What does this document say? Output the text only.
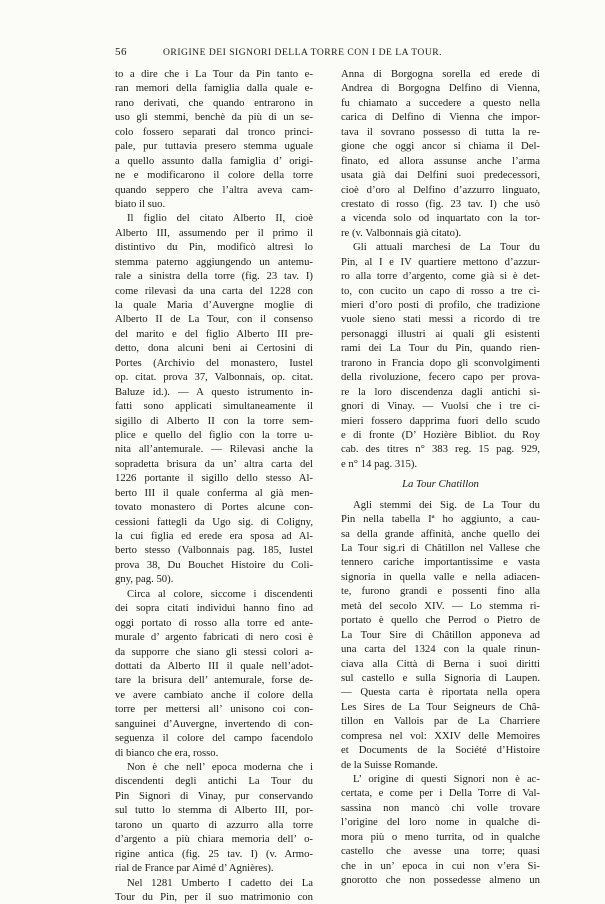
56	ORIGINE DEI SIGNORI DELLA TORRE CON I DE LA TOUR.
to a dire che i La Tour da Pin tanto e-
ran memori della famiglia dalla quale e-
rano derivati, che quando entrarono in
uso gli stemmi, benchè da più di un se-
colo fossero separati dal tronco princi-
pale, pur tuttavia presero stemma uguale
a quello assunto dalla famiglia d’ origi-
ne e modificarono il colore della torre
quando seppero che l’altra aveva cam-
biato il suo.
Il figlio del citato Alberto II, cioè
Alberto III, assumendo per il primo il
distintivo du Pin, modificò altresì lo
stemma paterno aggiungendo un antemu-
rale a sinistra della torre (fig. 23 tav. I)
come rilevasi da una carta del 1228 con
la quale Maria d’Auvergne moglie di
Alberto II de La Tour, con il consenso
del marito e del figlio Alberto III pre-
detto, dona alcuni beni ai Certosini di
Portes (Archivio del monastero, Iustel
op. citat. prova 37, Valbonnais, op. citat.
Baluze id.). — A questo istrumento in-
fatti sono applicati simultaneamente il
sigillo di Alberto II con la torre sem-
plice e quello del figlio con la torre u-
nita all’antemurale. — Rilevasi anche la
sopradetta brisura da un’ altra carta del
1226 portante il sigillo dello stesso Al-
berto III il quale conferma al già men-
tovato monastero di Portes alcune con-
cessioni fattegli da Ugo sig. di Coligny,
la cui figlia ed erede era sposa ad Al-
berto stesso (Valbonnais pag. 185, Iustel
prova 38, Du Bouchet Histoire du Coli-
gny, pag. 50).
Circa al colore, siccome i discendenti
dei sopra citati individui hanno fino ad
oggi portato di rosso alla torre ed ante-
murale d’ argento fabricati di nero così è
da supporre che siano gli stessi colori a-
dottati da Alberto III il quale nell’adot-
tare la brisura dell’ antemurale, forse de-
ve avere cambiato anche il colore della
torre per mettersi all’ unisono coi con-
sanguinei d’Auvergne, invertendo di con-
seguenza il colore del campo facendolo
di bianco che era, rosso.
Non è che nell’ epoca moderna che i
discendenti degli antichi La Tour du
Pin Signori di Vinay, pur conservando
sul tutto lo stemma di Alberto III, por-
tarono un quarto di azzurro alla torre
d’argento a più chiara memoria dell’ o-
rigine antica (fig. 25 tav. I) (v. Armo-
rial de France par Aimé d’ Agnières).
Nel 1281 Umberto I cadetto dei La
Tour du Pin, per il suo matrimonio con
Anna di Borgogna sorella ed erede di
Andrea di Borgogna Delfino di Vienna,
fu chiamato a succedere a questo nella
carica di Delfino di Vienna che impor-
tava il sovrano possesso di tutta la re-
gione che oggi ancor si chiama il Del-
finato, ed allora assunse anche l’arma
usata già dai Delfini suoi predecessori,
cioè d’oro al Delfino d’azzurro linguato,
crestato di rosso (fig. 23 tav. I) che usò
a vicenda solo od inquartato con la tor-
re (v. Valbonnais già citato).
Gli attuali marchesi de La Tour du
Pin, al I e IV quartiere mettono d’azzur-
ro alla torre d’argento, come già si è det-
to, con cucito un capo di rosso a tre ci-
mieri d’oro posti di profilo, che tradizione
vuole sieno stati messi a ricordo di tre
personaggi illustri ai quali gli esistenti
rami dei La Tour du Pin, quando rien-
trarono in Francia dopo gli sconvolgimenti
della rivoluzione, fecero capo per prova-
re la loro discendenza dagli antichi si-
gnori di Vinay. — Vuolsi che i tre ci-
mieri fossero dapprima fuori dello scudo
e di fronte (D’ Hozière Bibliot. du Roy
cab. des titres n° 383 reg. 15 pag. 929,
e n° 14 pag. 315).
La Tour Chatillon
Agli stemmi dei Sig. de La Tour du
Pin nella tabella Iª ho aggiunto, a cau-
sa della grande affinità, anche quello dei
La Tour sig.ri di Châtillon nel Vallese che
tennero cariche importantissime e vasta
signoria in quella valle e nella adiacen-
te, furono grandi e possenti fino alla
metà del secolo XIV. — Lo stemma ri-
portato è quello che Perrod o Pietro de
La Tour Sire di Châtillon apponeva ad
una carta del 1324 con la quale rinun-
ciava alla Città di Berna i suoi diritti
sul castello e sulla Signoria di Laupen.
— Questa carta è riportata nella opera
Les Sires de La Tour Seigneurs de Châ-
tillon en Vallois par de La Charriere
compresa nel vol: XXIV delle Memoires
et Documents de la Société d’Histoire
de la Suisse Romande.
L’ origine di questi Signori non è ac-
certata, e come per i Della Torre di Val-
sassina non mancò chi volle trovare
l’origine del loro nome in qualche di-
mora più o meno turrita, od in qualche
castello che avesse una torre; quasi
che in un’ epoca in cui non v’era Si-
gnorotto che non possedesse almeno un
